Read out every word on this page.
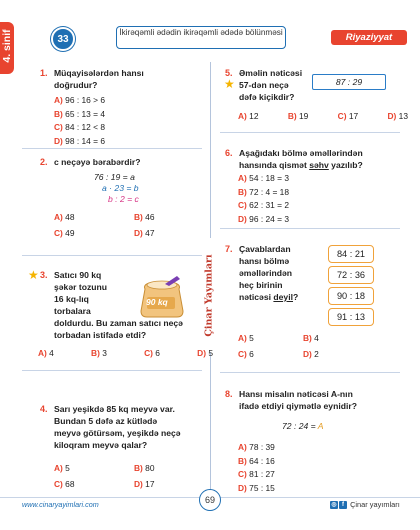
4. sinif	33
İkirəqəmli ədədin ikirəqəmli ədədə bölünməsi	Riyaziyyat
Çinar Yayımları
1. Müqayisələrdən hansı
doğrudur?
A) 96 : 16 > 6
B) 65 : 13 = 4
C) 84 : 12 < 8
D) 98 : 14 = 6
2. c neçəyə bərabərdir?
76 : 19 = a
a · 23 = b
b : 2 = c
A) 48
C) 49
B) 46
D) 47
★ 3. Satıcı 90 kq
şəkər tozunu
16 kq-lıq
torbalara
doldurdu. Bu zaman satıcı neçə
torbadan istifadə etdi?
90 kq
A) 4	B) 3	C) 6	D) 5
4. Sarı yeşikdə 85 kq meyvə var.
Bundan 5 dəfə az kütlədə
meyvə götürsəm, yeşikdə neçə
kiloqram meyvə qalar?
A) 5
C) 68
B) 80
D) 17
5.
★
Əməlin nəticəsi
57-dən neçə
dəfə kiçikdir?
87 : 29
A) 12	B) 19	C) 17	D) 13
6. Aşağıdakı bölmə əməllərindən
hansında qismət səhv yazılıb?
A) 54 : 18 = 3
B) 72 : 4 = 18
C) 62 : 31 = 2
D) 96 : 24 = 3
7. Çavablardan
hansı bölmə
əməllərindən
heç birinin
nəticəsi deyil?
84 : 21
72 : 36
90 : 18
91 : 13
A) 5
C) 6
B) 4
D) 2
8. Hansı misalın nəticəsi A-nın
ifadə etdiyi qiymətlə eynidir?
72 : 24 = A
A) 78 : 39
B) 64 : 16
C) 81 : 27
D) 75 : 15
www.cinaryayimlari.com	69
◎ f Çinar yayımları
